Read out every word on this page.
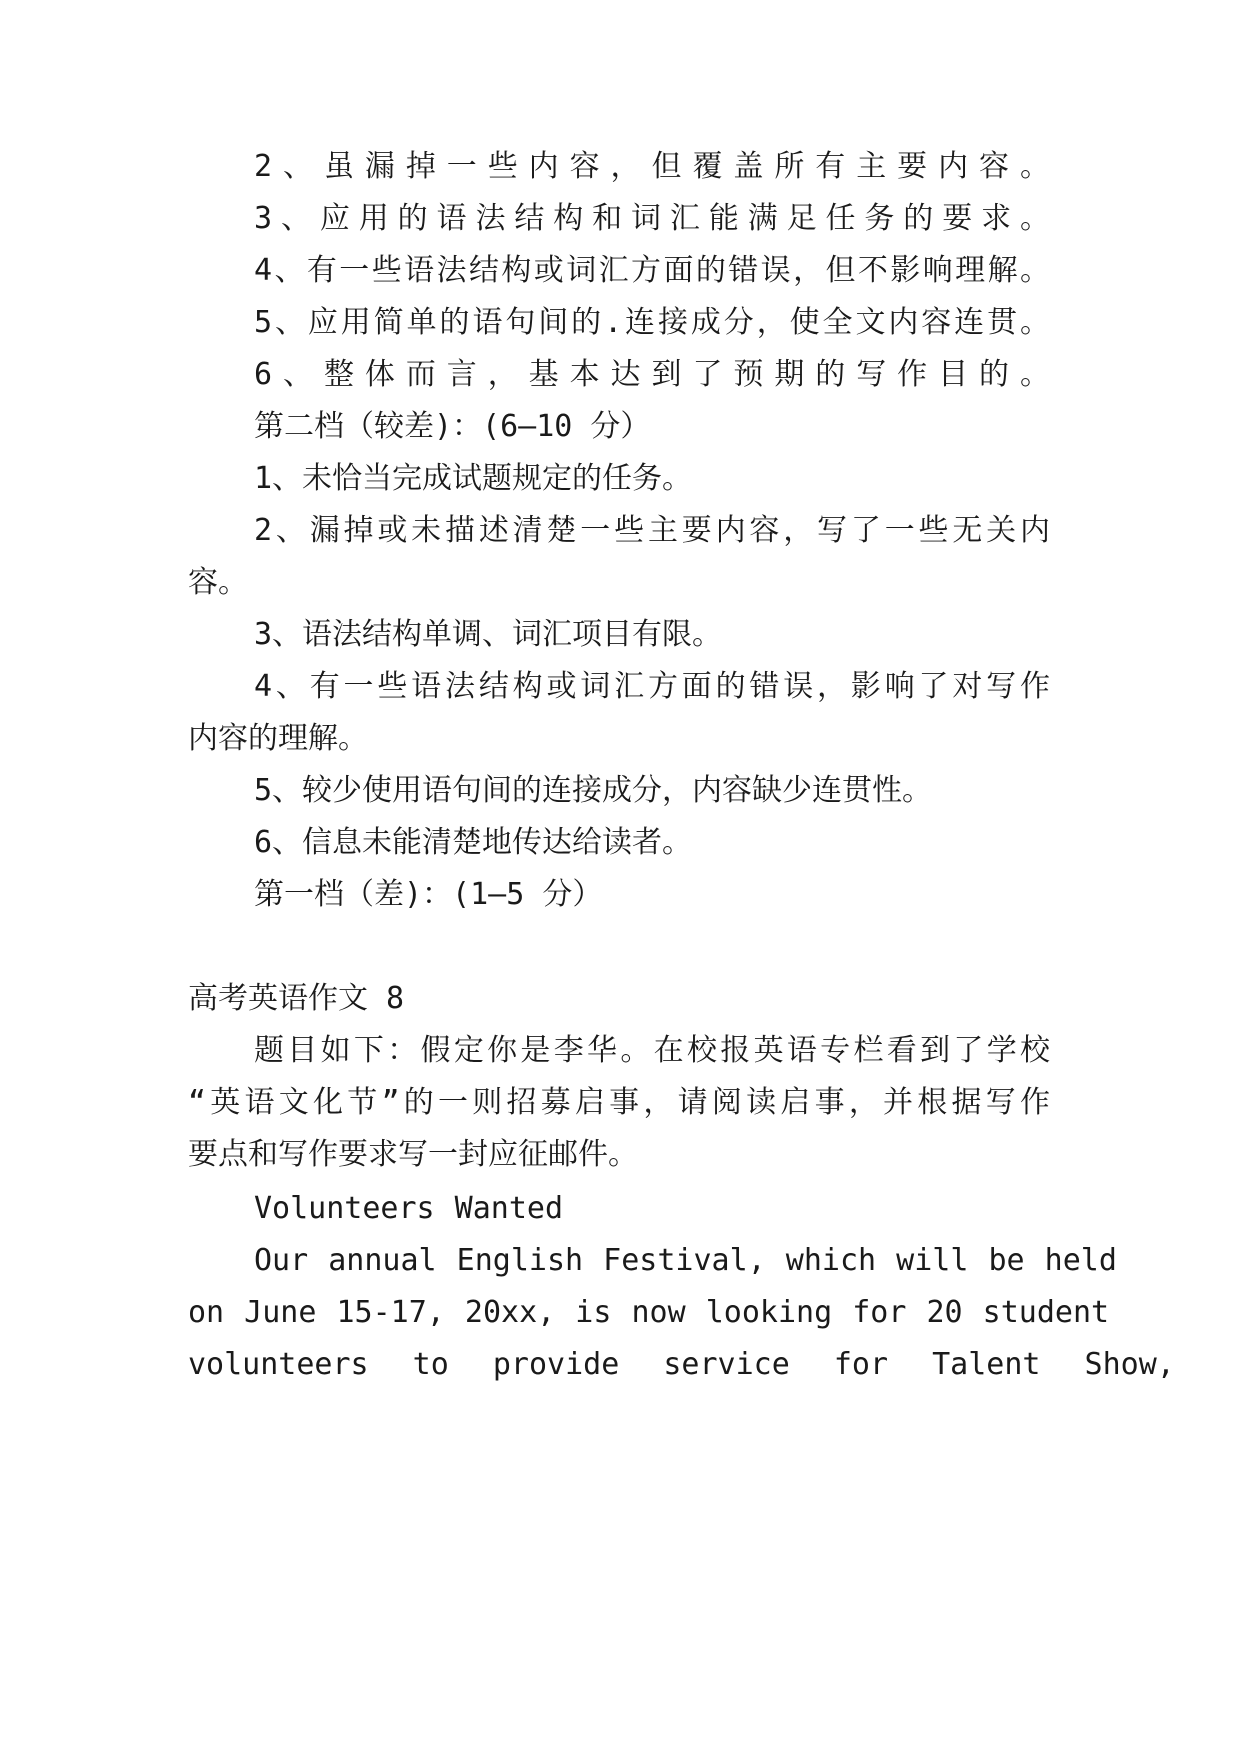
2、虽漏掉一些内容，但覆盖所有主要内容。
3、应用的语法结构和词汇能满足任务的要求。
4、有一些语法结构或词汇方面的错误，但不影响理解。
5、应用简单的语句间的.连接成分，使全文内容连贯。
6、整体而言，基本达到了预期的写作目的。
第二档（较差)：(6—10 分）
1、未恰当完成试题规定的任务。
2、漏掉或未描述清楚一些主要内容，写了一些无关内
容。
3、语法结构单调、词汇项目有限。
4、有一些语法结构或词汇方面的错误，影响了对写作
内容的理解。
5、较少使用语句间的连接成分，内容缺少连贯性。
6、信息未能清楚地传达给读者。
第一档（差)：(1—5 分）
高考英语作文 8
题目如下：假定你是李华。在校报英语专栏看到了学校
“英语文化节”的一则招募启事，请阅读启事，并根据写作
要点和写作要求写一封应征邮件。
Volunteers Wanted
Our annual English Festival, which will be held
on June 15-17, 20xx, is now looking for 20 student
volunteers to provide service for Talent Show,
